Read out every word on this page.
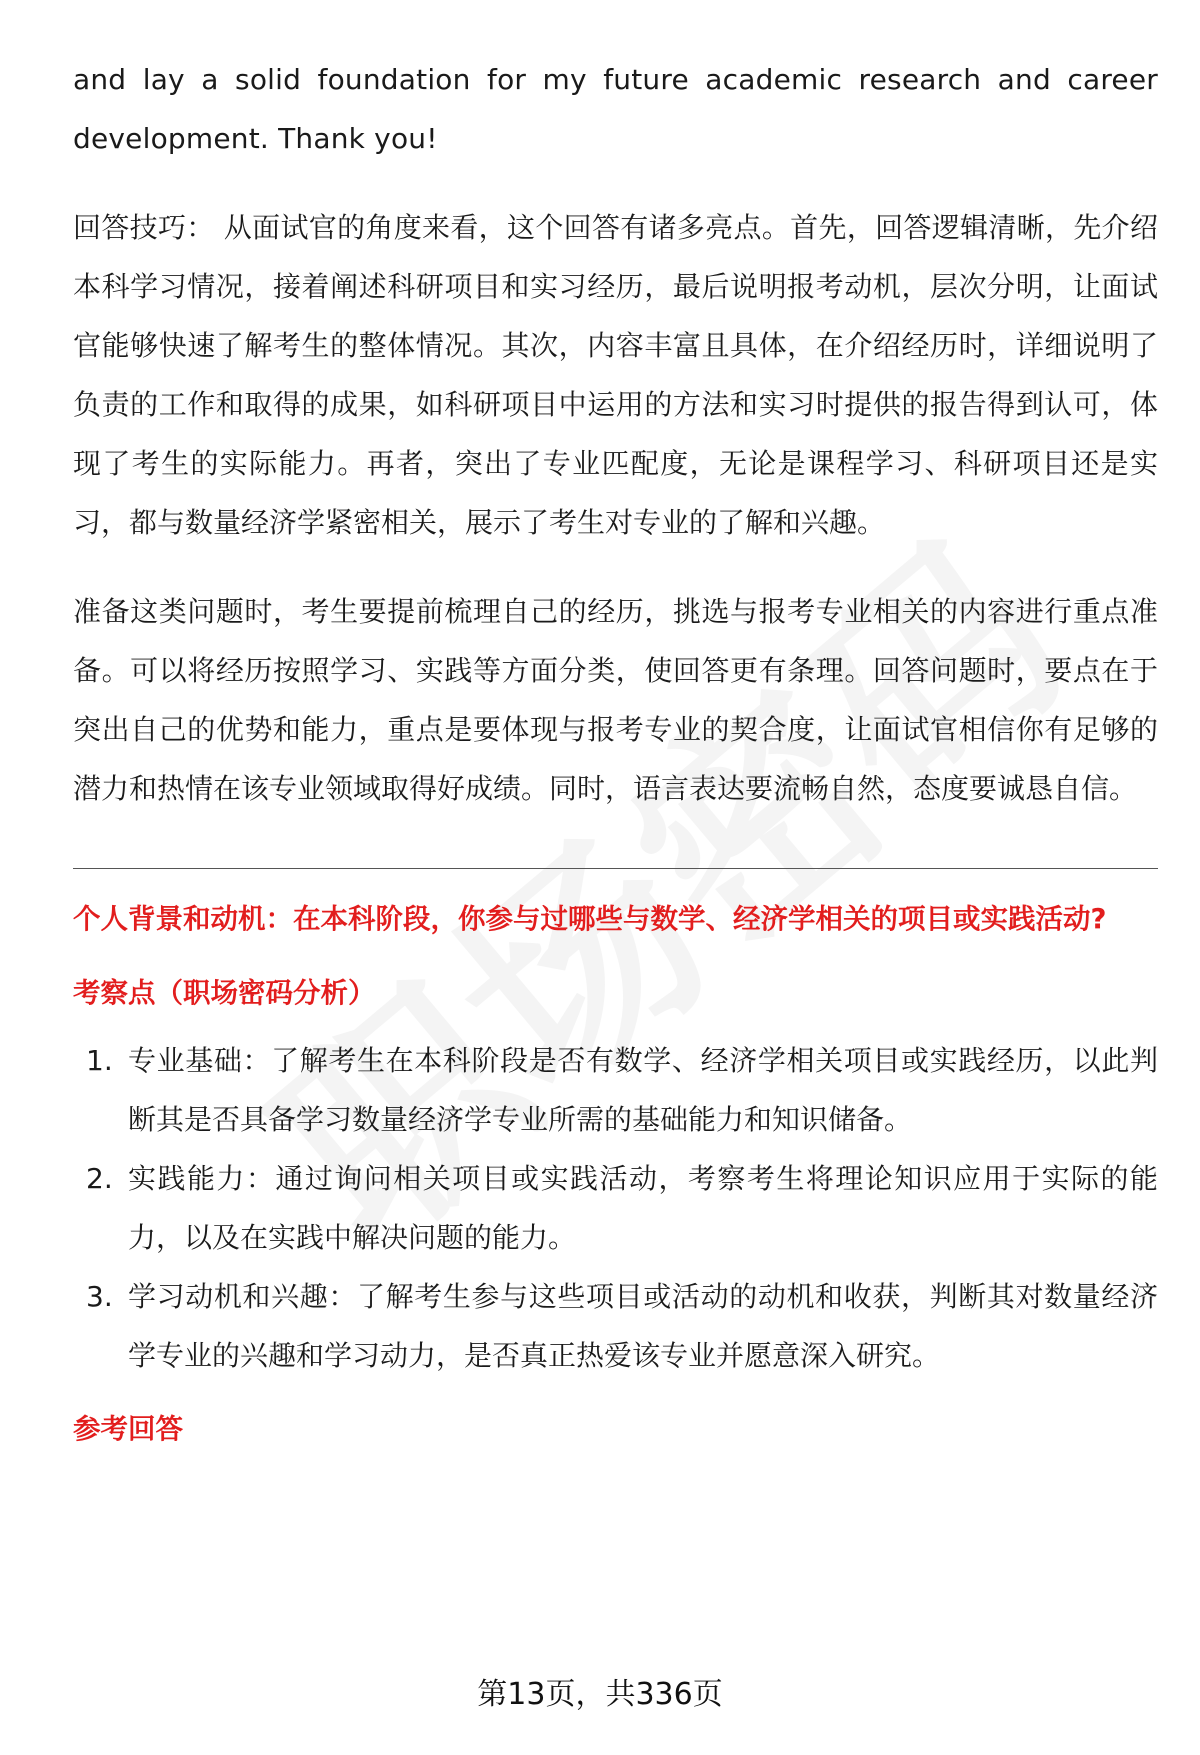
and lay a solid foundation for my future academic research and career development. Thank you!

回答技巧： 从面试官的角度来看，这个回答有诸多亮点。首先，回答逻辑清晰，先介绍本科学习情况，接着阐述科研项目和实习经历，最后说明报考动机，层次分明，让面试官能够快速了解考生的整体情况。其次，内容丰富且具体，在介绍经历时，详细说明了负责的工作和取得的成果，如科研项目中运用的方法和实习时提供的报告得到认可，体现了考生的实际能力。再者，突出了专业匹配度，无论是课程学习、科研项目还是实习，都与数量经济学紧密相关，展示了考生对专业的了解和兴趣。

准备这类问题时，考生要提前梳理自己的经历，挑选与报考专业相关的内容进行重点准备。可以将经历按照学习、实践等方面分类，使回答更有条理。回答问题时，要点在于突出自己的优势和能力，重点是要体现与报考专业的契合度，让面试官相信你有足够的潜力和热情在该专业领域取得好成绩。同时，语言表达要流畅自然，态度要诚恳自信。

个人背景和动机：在本科阶段，你参与过哪些与数学、经济学相关的项目或实践活动?
考察点（职场密码分析）
1. 专业基础：了解考生在本科阶段是否有数学、经济学相关项目或实践经历，以此判断其是否具备学习数量经济学专业所需的基础能力和知识储备。
2. 实践能力：通过询问相关项目或实践活动，考察考生将理论知识应用于实际的能力，以及在实践中解决问题的能力。
3. 学习动机和兴趣：了解考生参与这些项目或活动的动机和收获，判断其对数量经济学专业的兴趣和学习动力，是否真正热爱该专业并愿意深入研究。
参考回答
第13页，共336页
